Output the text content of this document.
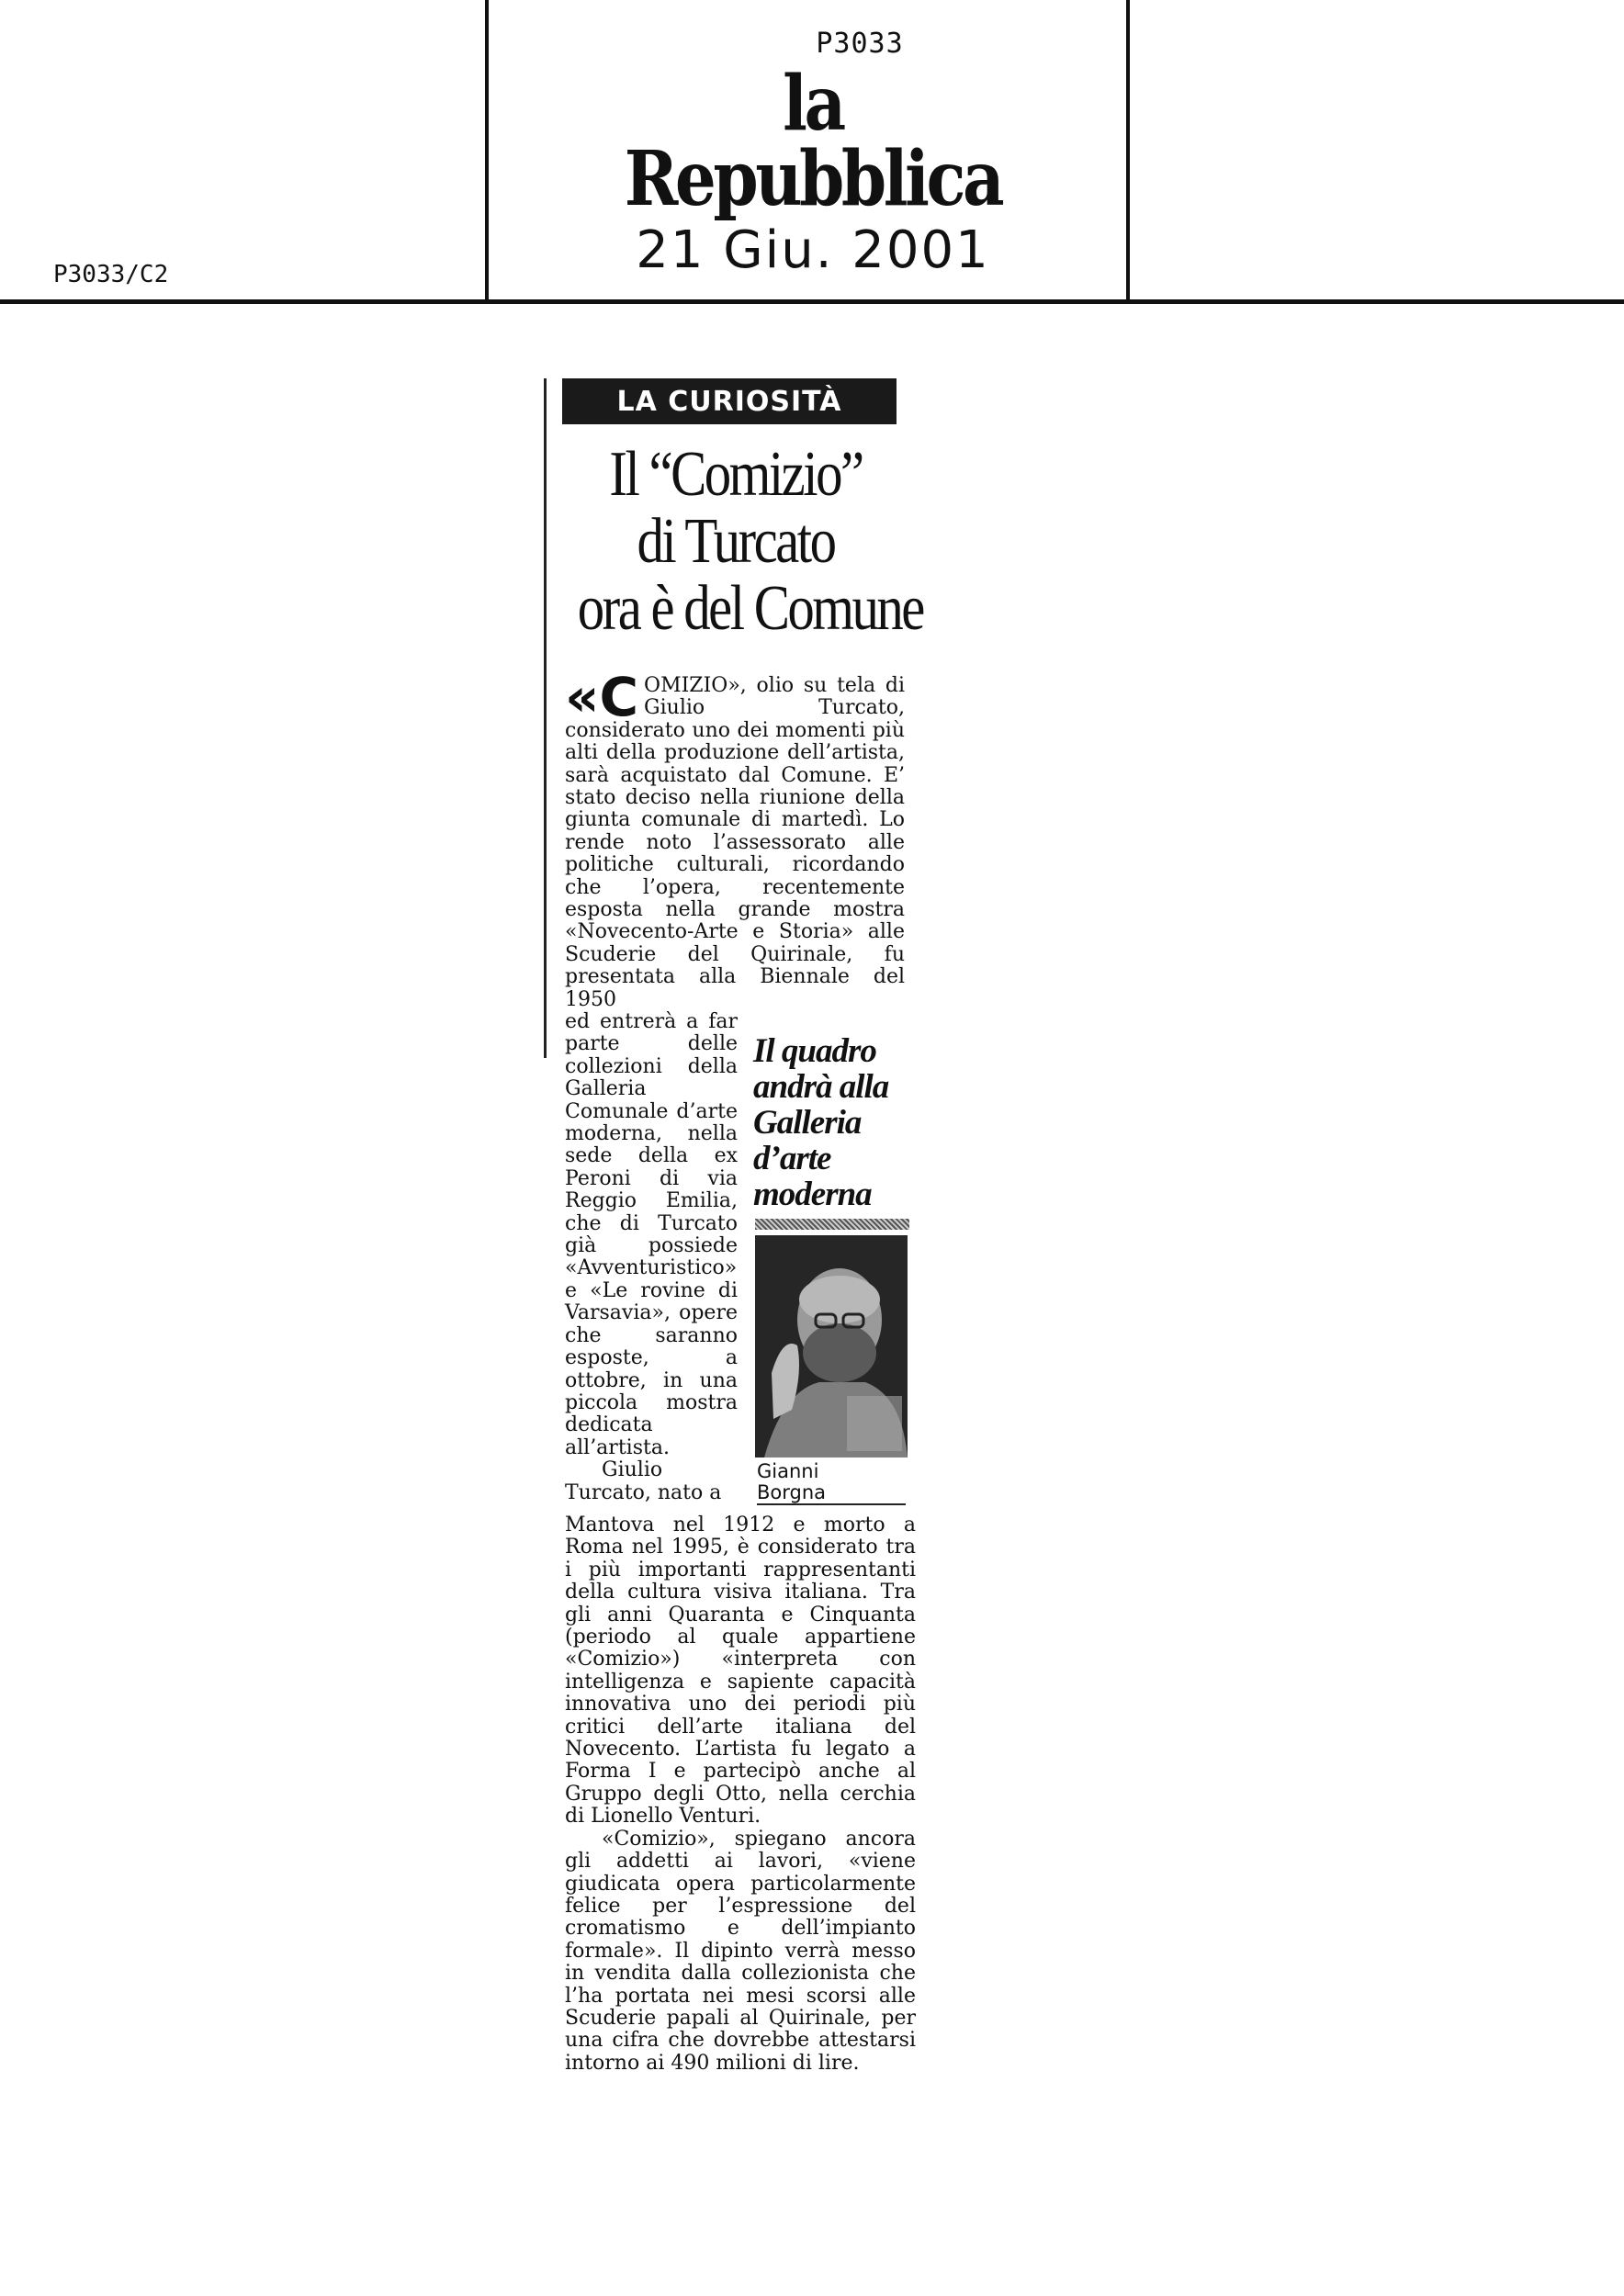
P3033
la Repubblica
21 Giu. 2001
P3033/C2
LA CURIOSITÀ
Il “Comizio”
di Turcato
ora è del Comune
«C OMIZIO», olio su tela di Giulio Turcato, considerato uno dei momenti più alti della produzione dell’artista, sarà acquistato dal Comune. E’ stato deciso nella riunione della giunta comunale di martedì. Lo rende noto l’assessorato alle politiche culturali, ricordando che l’opera, recentemente esposta nella grande mostra «Novecento-Arte e Storia» alle Scuderie del Quirinale, fu presentata alla Biennale del 1950

ed entrerà a far parte delle collezioni della Galleria Comunale d’arte moderna, nella sede della ex Peroni di via Reggio Emilia, che di Turcato già possiede «Avventuristico» e «Le rovine di Varsavia», opere che saranno esposte, a ottobre, in una piccola mostra dedicata all’artista.

Giulio Turcato, nato a

Il quadro
andrà alla
Galleria
d’arte
moderna
Gianni
Borgna

Mantova nel 1912 e morto a Roma nel 1995, è considerato tra i più importanti rappresentanti della cultura visiva italiana. Tra gli anni Quaranta e Cinquanta (periodo al quale appartiene «Comizio») «interpreta con intelligenza e sapiente capacità innovativa uno dei periodi più critici dell’arte italiana del Novecento. L’artista fu legato a Forma I e partecipò anche al Gruppo degli Otto, nella cerchia di Lionello Venturi.

«Comizio», spiegano ancora gli addetti ai lavori, «viene giudicata opera particolarmente felice per l’espressione del cromatismo e dell’impianto formale». Il dipinto verrà messo in vendita dalla collezionista che l’ha portata nei mesi scorsi alle Scuderie papali al Quirinale, per una cifra che dovrebbe attestarsi intorno ai 490 milioni di lire.
